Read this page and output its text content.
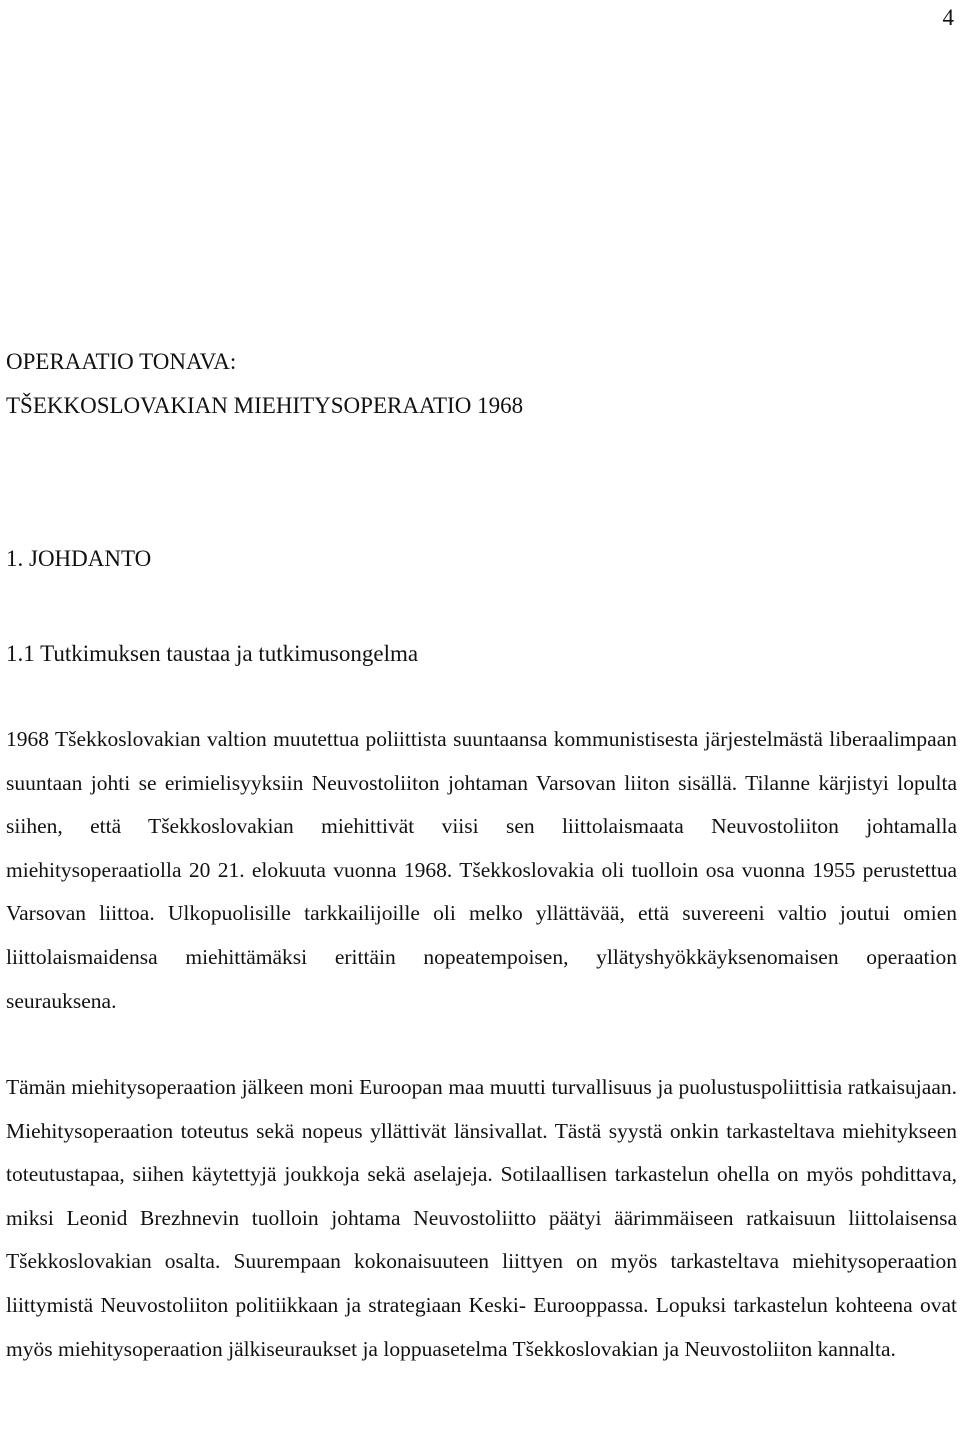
4
OPERAATIO TONAVA:
TŠEKKOSLOVAKIAN MIEHITYSOPERAATIO 1968
1. JOHDANTO
1.1 Tutkimuksen taustaa ja tutkimusongelma

1968 Tšekkoslovakian valtion muutettua poliittista suuntaansa kommunistisesta järjestelmästä liberaalimpaan suuntaan johti se erimielisyyksiin Neuvostoliiton johtaman Varsovan liiton sisällä. Tilanne kärjistyi lopulta siihen, että Tšekkoslovakian miehittivät viisi sen liittolaismaata Neuvostoliiton johtamalla miehitysoperaatiolla 20 21. elokuuta vuonna 1968. Tšekkoslovakia oli tuolloin osa vuonna 1955 perustettua Varsovan liittoa. Ulkopuolisille tarkkailijoille oli melko yllättävää, että suvereeni valtio joutui omien liittolaismaidensa miehittämäksi erittäin nopeatempoisen, yllätyshyökkäyksenomaisen operaation seurauksena.

Tämän miehitysoperaation jälkeen moni Euroopan maa muutti turvallisuus ja puolustuspoliittisia ratkaisujaan. Miehitysoperaation toteutus sekä nopeus yllättivät länsivallat. Tästä syystä onkin tarkasteltava miehitykseen toteutustapaa, siihen käytettyjä joukkoja sekä aselajeja. Sotilaallisen tarkastelun ohella on myös pohdittava, miksi Leonid Brezhnevin tuolloin johtama Neuvostoliitto päätyi äärimmäiseen ratkaisuun liittolaisensa Tšekkoslovakian osalta. Suurempaan kokonaisuuteen liittyen on myös tarkasteltava miehitysoperaation liittymistä Neuvostoliiton politiikkaan ja strategiaan Keski- Eurooppassa. Lopuksi tarkastelun kohteena ovat myös miehitysoperaation jälkiseuraukset ja loppuasetelma Tšekkoslovakian ja Neuvostoliiton kannalta.
